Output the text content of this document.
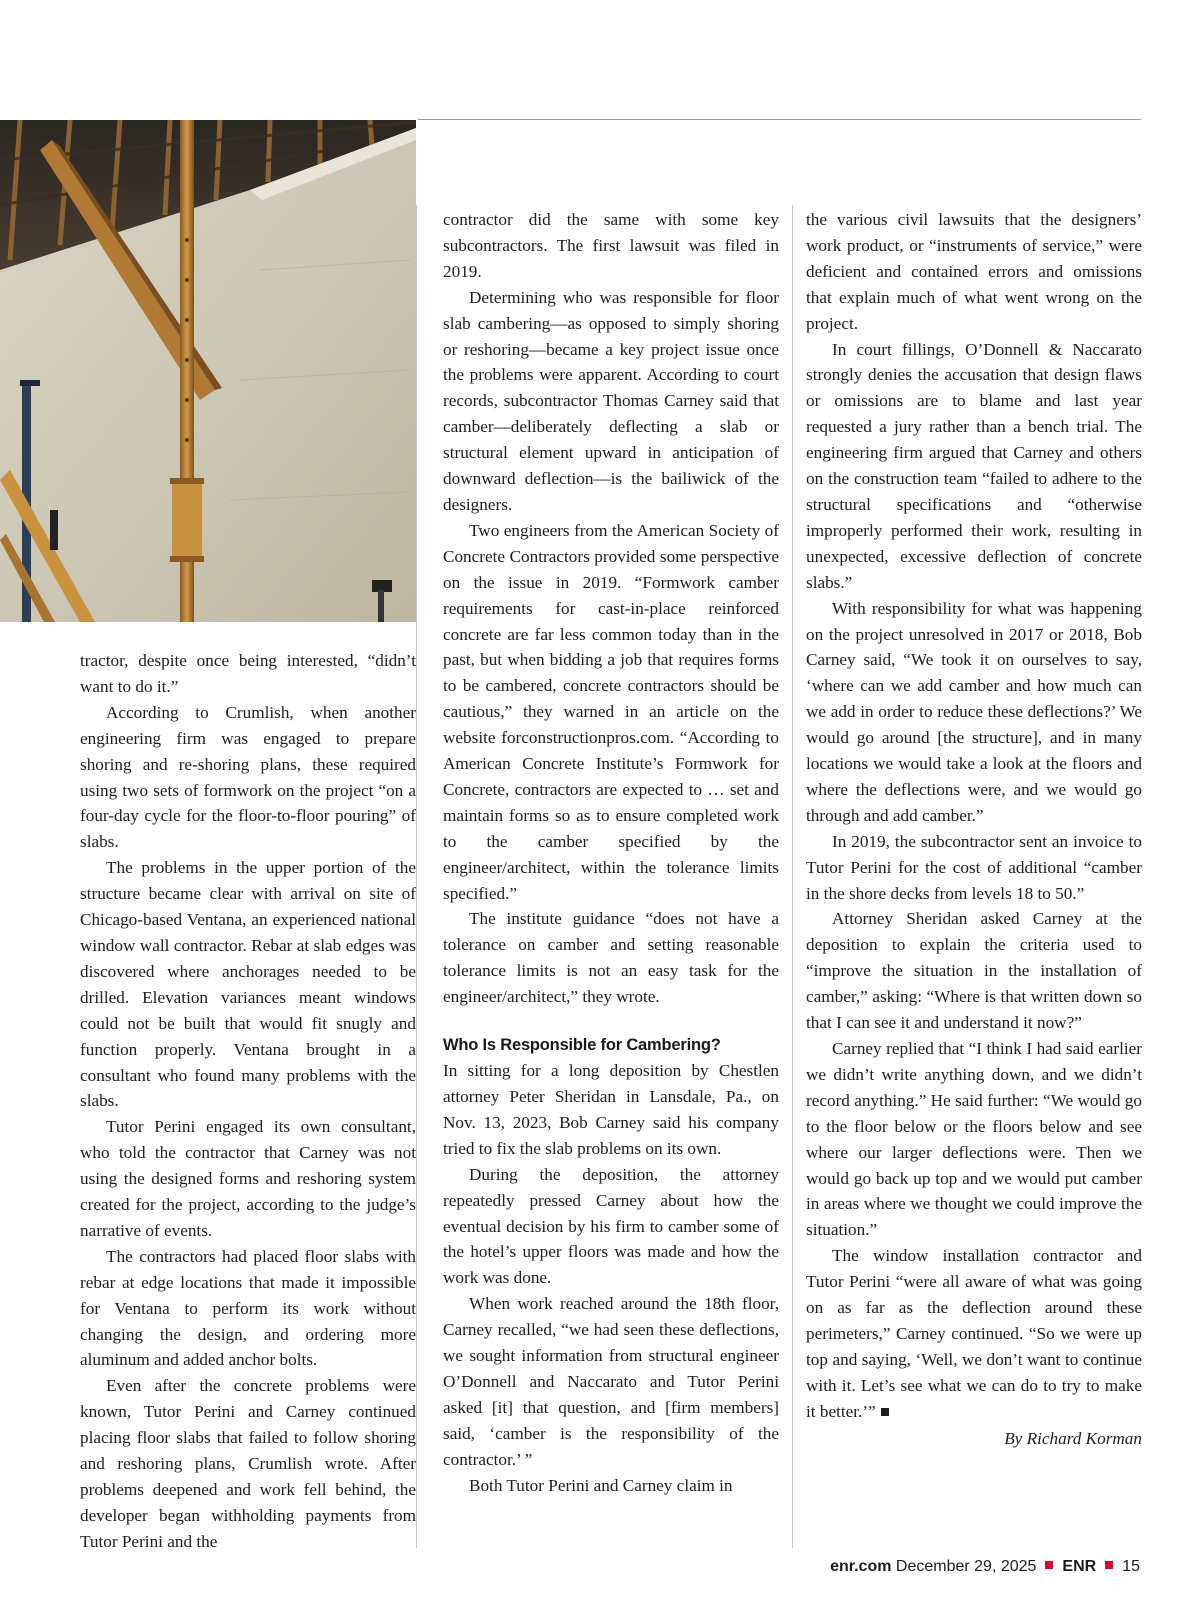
tractor, despite once being interested, “didn’t want to do it.”

According to Crumlish, when another engineering firm was engaged to prepare shoring and re-shoring plans, these required using two sets of formwork on the project “on a four-day cycle for the floor-to-floor pouring” of slabs.

The problems in the upper portion of the structure became clear with arrival on site of Chicago-based Ventana, an experienced national window wall contractor. Rebar at slab edges was discovered where anchorages needed to be drilled. Elevation variances meant windows could not be built that would fit snugly and function properly. Ventana brought in a consultant who found many problems with the slabs.

Tutor Perini engaged its own consultant, who told the contractor that Carney was not using the designed forms and reshoring system created for the project, according to the judge’s narrative of events.

The contractors had placed floor slabs with rebar at edge locations that made it impossible for Ventana to perform its work without changing the design, and ordering more aluminum and added anchor bolts.

Even after the concrete problems were known, Tutor Perini and Carney continued placing floor slabs that failed to follow shoring and reshoring plans, Crumlish wrote. After problems deepened and work fell behind, the developer began withholding payments from Tutor Perini and the

contractor did the same with some key subcontractors. The first lawsuit was filed in 2019.

Determining who was responsible for floor slab cambering—as opposed to simply shoring or reshoring—became a key project issue once the problems were apparent. According to court records, subcontractor Thomas Carney said that camber—deliberately deflecting a slab or structural element upward in anticipation of downward deflection—is the bailiwick of the designers.

Two engineers from the American Society of Concrete Contractors provided some perspective on the issue in 2019. “Formwork camber requirements for cast-in-place reinforced concrete are far less common today than in the past, but when bidding a job that requires forms to be cambered, concrete contractors should be cautious,” they warned in an article on the website forconstructionpros.com. “According to American Concrete Institute’s Formwork for Concrete, contractors are expected to … set and maintain forms so as to ensure completed work to the camber specified by the engineer/architect, within the tolerance limits specified.”

The institute guidance “does not have a tolerance on camber and setting reasonable tolerance limits is not an easy task for the engineer/architect,” they wrote.

Who Is Responsible for Cambering?

In sitting for a long deposition by Chestlen attorney Peter Sheridan in Lansdale, Pa., on Nov. 13, 2023, Bob Carney said his company tried to fix the slab problems on its own.

During the deposition, the attorney repeatedly pressed Carney about how the eventual decision by his firm to camber some of the hotel’s upper floors was made and how the work was done.

When work reached around the 18th floor, Carney recalled, “we had seen these deflections, we sought information from structural engineer O’Donnell and Naccarato and Tutor Perini asked [it] that question, and [firm members] said, ‘camber is the responsibility of the contractor.’ ”

Both Tutor Perini and Carney claim in

the various civil lawsuits that the designers’ work product, or “instruments of service,” were deficient and contained errors and omissions that explain much of what went wrong on the project.

In court fillings, O’Donnell & Naccarato strongly denies the accusation that design flaws or omissions are to blame and last year requested a jury rather than a bench trial. The engineering firm argued that Carney and others on the construction team “failed to adhere to the structural specifications and “otherwise improperly performed their work, resulting in unexpected, excessive deflection of concrete slabs.”

With responsibility for what was happening on the project unresolved in 2017 or 2018, Bob Carney said, “We took it on ourselves to say, ‘where can we add camber and how much can we add in order to reduce these deflections?’ We would go around [the structure], and in many locations we would take a look at the floors and where the deflections were, and we would go through and add camber.”

In 2019, the subcontractor sent an invoice to Tutor Perini for the cost of additional “camber in the shore decks from levels 18 to 50.”

Attorney Sheridan asked Carney at the deposition to explain the criteria used to “improve the situation in the installation of camber,” asking: “Where is that written down so that I can see it and understand it now?”

Carney replied that “I think I had said earlier we didn’t write anything down, and we didn’t record anything.” He said further: “We would go to the floor below or the floors below and see where our larger deflections were. Then we would go back up top and we would put camber in areas where we thought we could improve the situation.”

The window installation contractor and Tutor Perini “were all aware of what was going on as far as the deflection around these perimeters,” Carney continued. “So we were up top and saying, ‘Well, we don’t want to continue with it. Let’s see what we can do to try to make it better.’”

By Richard Korman

enr.com December 29, 2025 ENR 15
